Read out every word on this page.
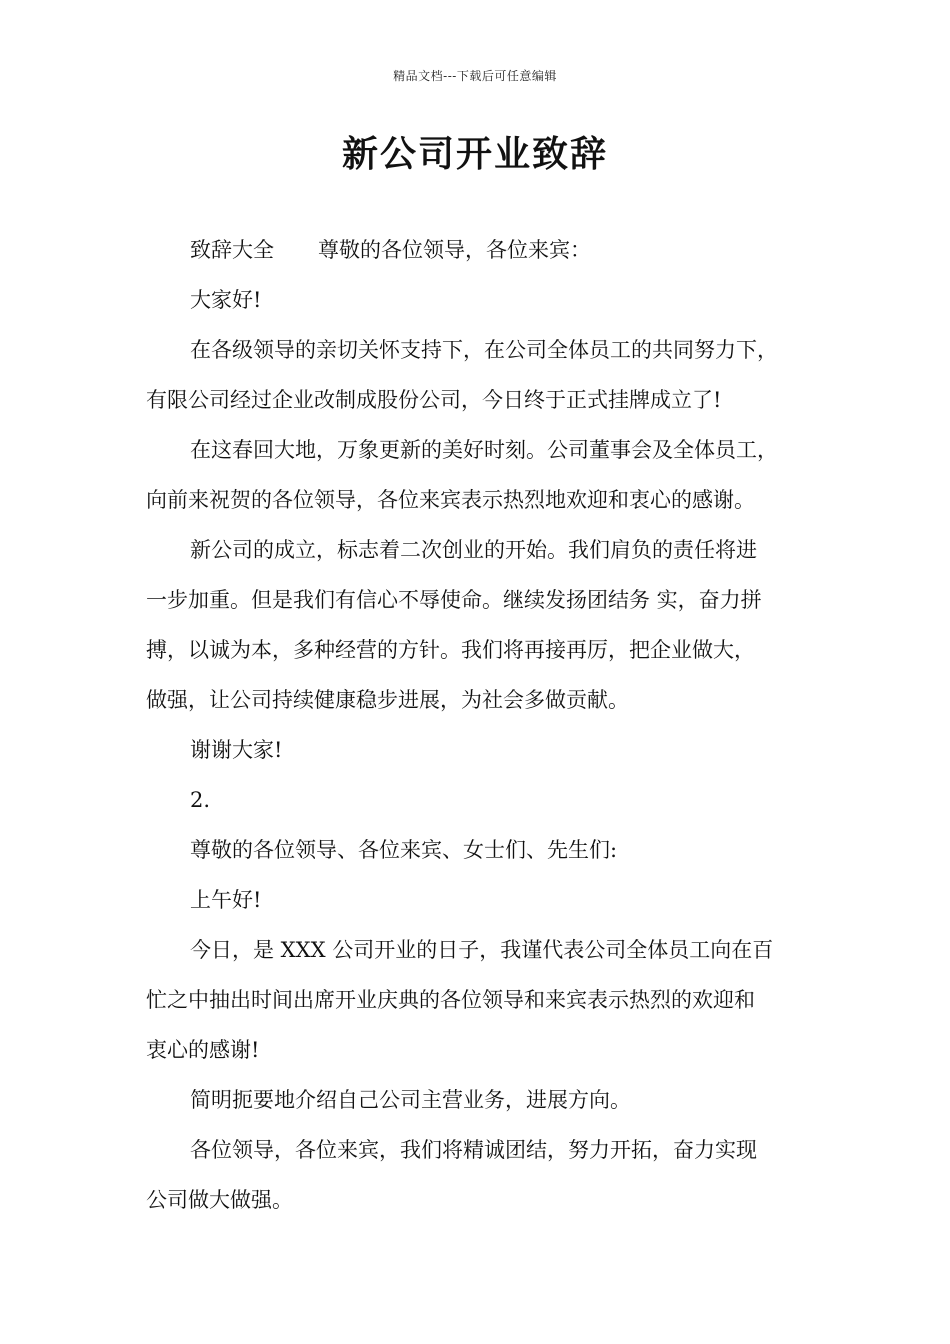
精品文档---下载后可任意编辑
新公司开业致辞
致辞大全 尊敬的各位领导，各位来宾：
大家好!
在各级领导的亲切关怀支持下，在公司全体员工的共同努力下，
有限公司经过企业改制成股份公司，今日终于正式挂牌成立了!
在这春回大地，万象更新的美好时刻。公司董事会及全体员工，
向前来祝贺的各位领导，各位来宾表示热烈地欢迎和衷心的感谢。
新公司的成立，标志着二次创业的开始。我们肩负的责任将进
一步加重。但是我们有信心不辱使命。继续发扬团结务 实，奋力拼
搏，以诚为本，多种经营的方针。我们将再接再厉，把企业做大，
做强，让公司持续健康稳步进展，为社会多做贡献。
谢谢大家!
2.
尊敬的各位领导、各位来宾、女士们、先生们:
上午好!
今日，是 XXX 公司开业的日子，我谨代表公司全体员工向在百
忙之中抽出时间出席开业庆典的各位领导和来宾表示热烈的欢迎和
衷心的感谢!
简明扼要地介绍自己公司主营业务，进展方向。
各位领导，各位来宾，我们将精诚团结，努力开拓，奋力实现
公司做大做强。
